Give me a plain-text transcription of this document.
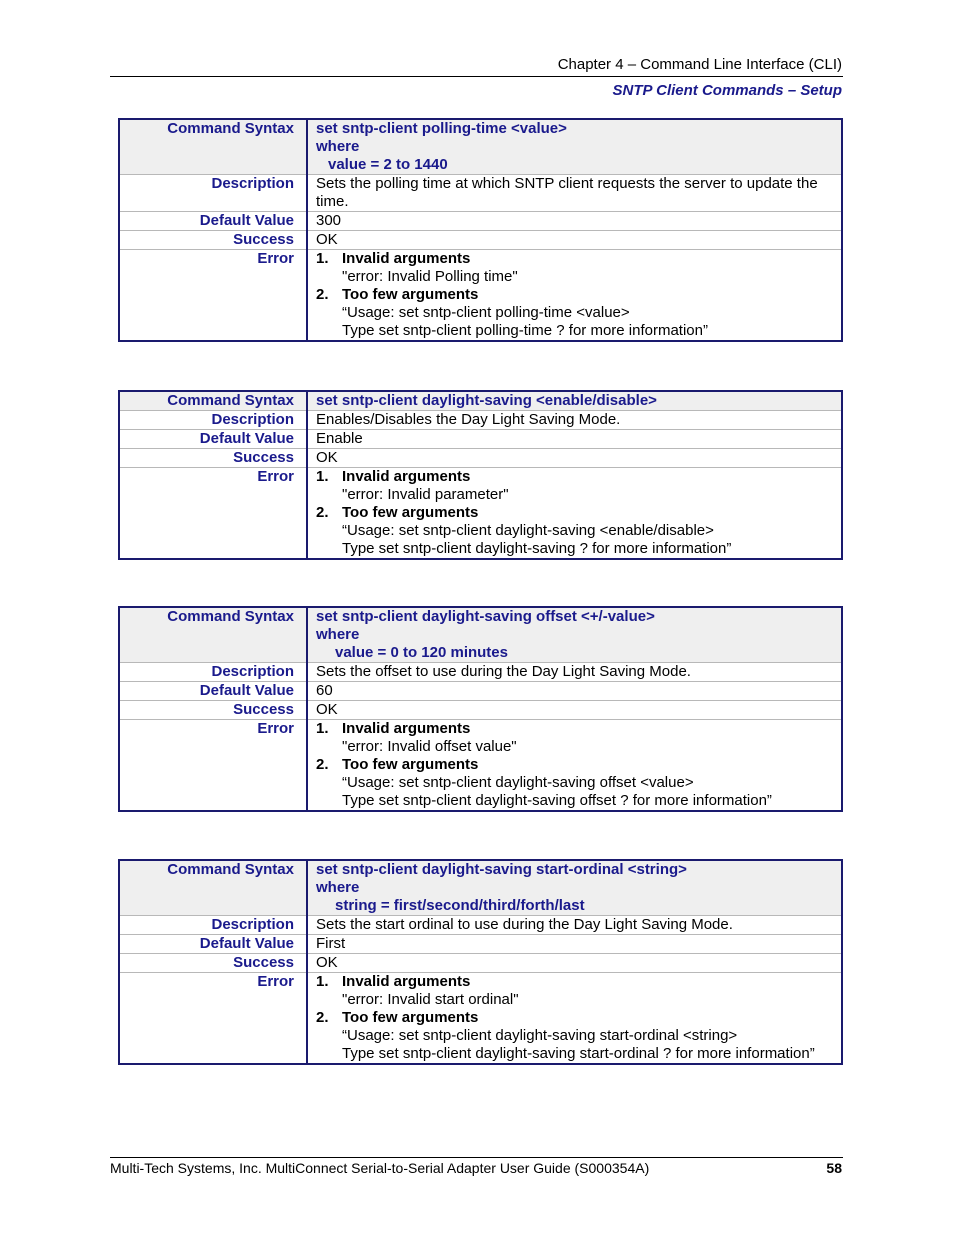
Chapter 4 – Command Line Interface (CLI)
SNTP Client Commands – Setup
Command Syntax	set sntp-client polling-time <value>
where
value = 2 to 1440

Description	Sets the polling time at which SNTP client requests the server to update the
time.

Default Value	300
Success	OK
Error	1. Invalid arguments
"error: Invalid Polling time"
2. Too few arguments
“Usage: set sntp-client polling-time <value>
Type set sntp-client polling-time ? for more information”
Command Syntax	set sntp-client daylight-saving <enable/disable>

Description	Enables/Disables the Day Light Saving Mode.
Default Value	Enable
Success	OK
Error	1. Invalid arguments
"error: Invalid parameter"
2. Too few arguments
“Usage: set sntp-client daylight-saving <enable/disable>
Type set sntp-client daylight-saving ? for more information”
Command Syntax	set sntp-client daylight-saving offset <+/-value>
where
value = 0 to 120 minutes

Description	Sets the offset to use during the Day Light Saving Mode.
Default Value	60
Success	OK
Error	1. Invalid arguments
"error: Invalid offset value"
2. Too few arguments
“Usage: set sntp-client daylight-saving offset <value>
Type set sntp-client daylight-saving offset ? for more information”
Command Syntax	set sntp-client daylight-saving start-ordinal <string>
where
string = first/second/third/forth/last

Description	Sets the start ordinal to use during the Day Light Saving Mode.
Default Value	First
Success	OK
Error	1. Invalid arguments
"error: Invalid start ordinal"
2. Too few arguments
“Usage: set sntp-client daylight-saving start-ordinal <string>
Type set sntp-client daylight-saving start-ordinal ? for more information”
Multi-Tech Systems, Inc. MultiConnect Serial-to-Serial Adapter User Guide (S000354A)	58
